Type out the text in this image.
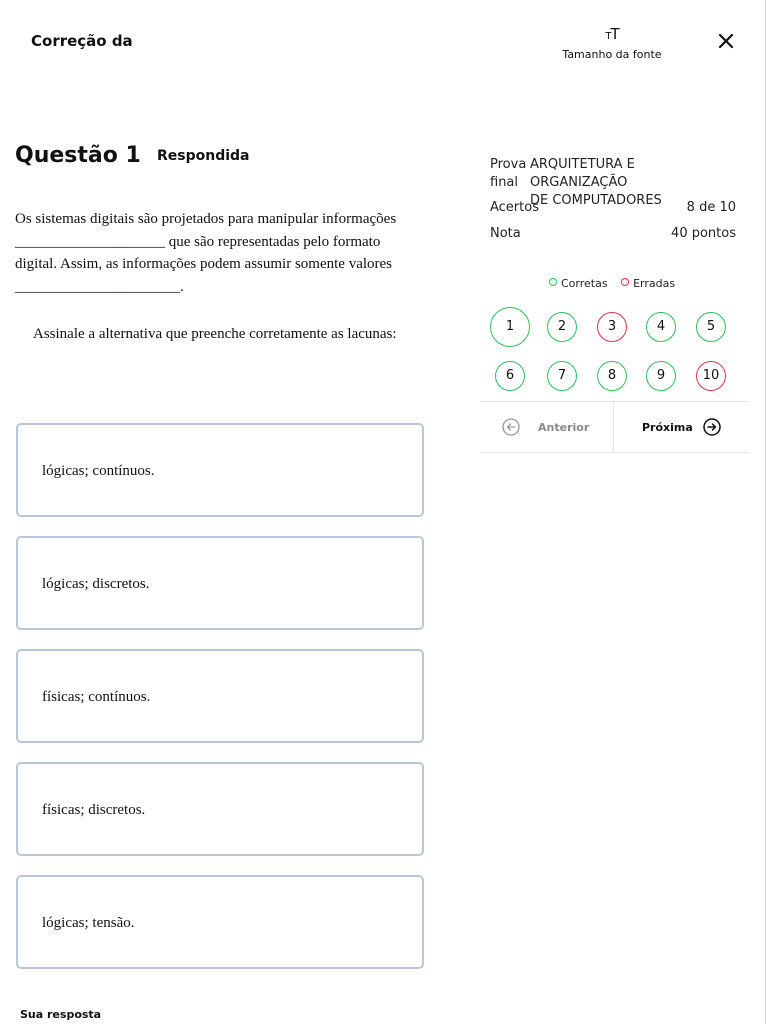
Correção da	TT
Tamanho da fonte
Questão 1 Respondida
Os sistemas digitais são projetados para manipular informações
____________________ que são representadas pelo formato
digital. Assim, as informações podem assumir somente valores
______________________.
Assinale a alternativa que preenche corretamente as lacunas:
lógicas; contínuos.
lógicas; discretos.
físicas; contínuos.
físicas; discretos.
lógicas; tensão.
Sua resposta
Prova
final
ARQUITETURA E ORGANIZAÇÃO
DE COMPUTADORES
Acertos	8 de 10
Nota	40 pontos
Corretas Erradas
1	2	3	4	5
6	7	8	9	10
Anterior	Próxima
